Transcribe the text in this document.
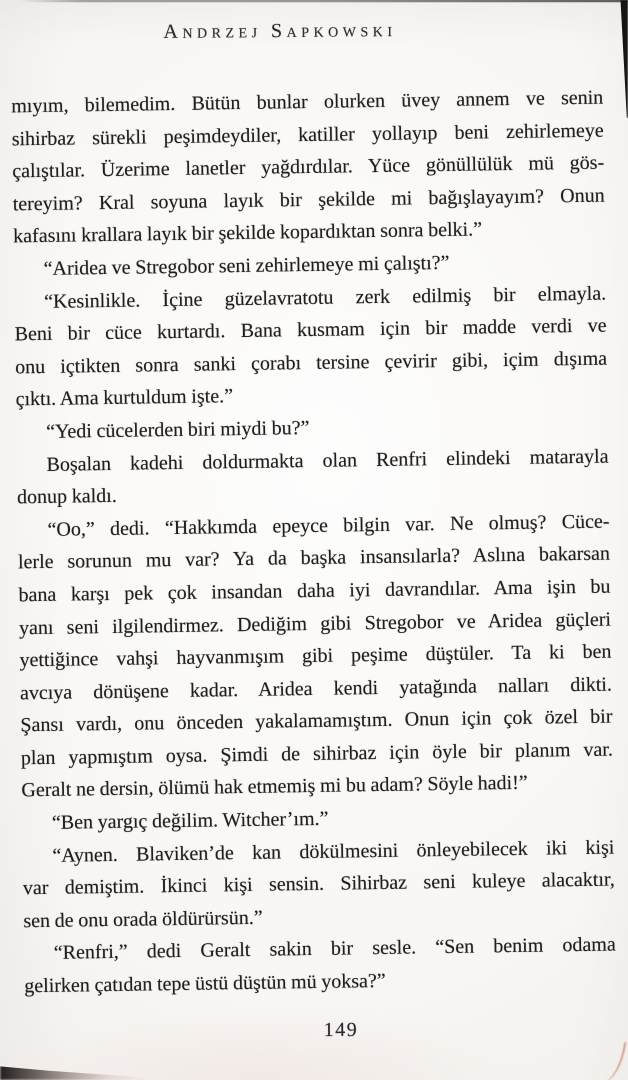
Andrzej Sapkowski
mıyım, bilemedim. Bütün bunlar olurken üvey annem ve senin
sihirbaz sürekli peşimdeydiler, katiller yollayıp beni zehirlemeye
çalıştılar. Üzerime lanetler yağdırdılar. Yüce gönüllülük mü gös-
tereyim? Kral soyuna layık bir şekilde mi bağışlayayım? Onun
kafasını krallara layık bir şekilde kopardıktan sonra belki.”
“Aridea ve Stregobor seni zehirlemeye mi çalıştı?”
“Kesinlikle. İçine güzelavratotu zerk edilmiş bir elmayla.
Beni bir cüce kurtardı. Bana kusmam için bir madde verdi ve
onu içtikten sonra sanki çorabı tersine çevirir gibi, içim dışıma
çıktı. Ama kurtuldum işte.”
“Yedi cücelerden biri miydi bu?”
Boşalan kadehi doldurmakta olan Renfri elindeki matarayla
donup kaldı.
“Oo,” dedi. “Hakkımda epeyce bilgin var. Ne olmuş? Cüce-
lerle sorunun mu var? Ya da başka insansılarla? Aslına bakarsan
bana karşı pek çok insandan daha iyi davrandılar. Ama işin bu
yanı seni ilgilendirmez. Dediğim gibi Stregobor ve Aridea güçleri
yettiğince vahşi hayvanmışım gibi peşime düştüler. Ta ki ben
avcıya dönüşene kadar. Aridea kendi yatağında nalları dikti.
Şansı vardı, onu önceden yakalamamıştım. Onun için çok özel bir
plan yapmıştım oysa. Şimdi de sihirbaz için öyle bir planım var.
Geralt ne dersin, ölümü hak etmemiş mi bu adam? Söyle hadi!”
“Ben yargıç değilim. Witcher’ım.”
“Aynen. Blaviken’de kan dökülmesini önleyebilecek iki kişi
var demiştim. İkinci kişi sensin. Sihirbaz seni kuleye alacaktır,
sen de onu orada öldürürsün.”
“Renfri,” dedi Geralt sakin bir sesle. “Sen benim odama
gelirken çatıdan tepe üstü düştün mü yoksa?”
149
